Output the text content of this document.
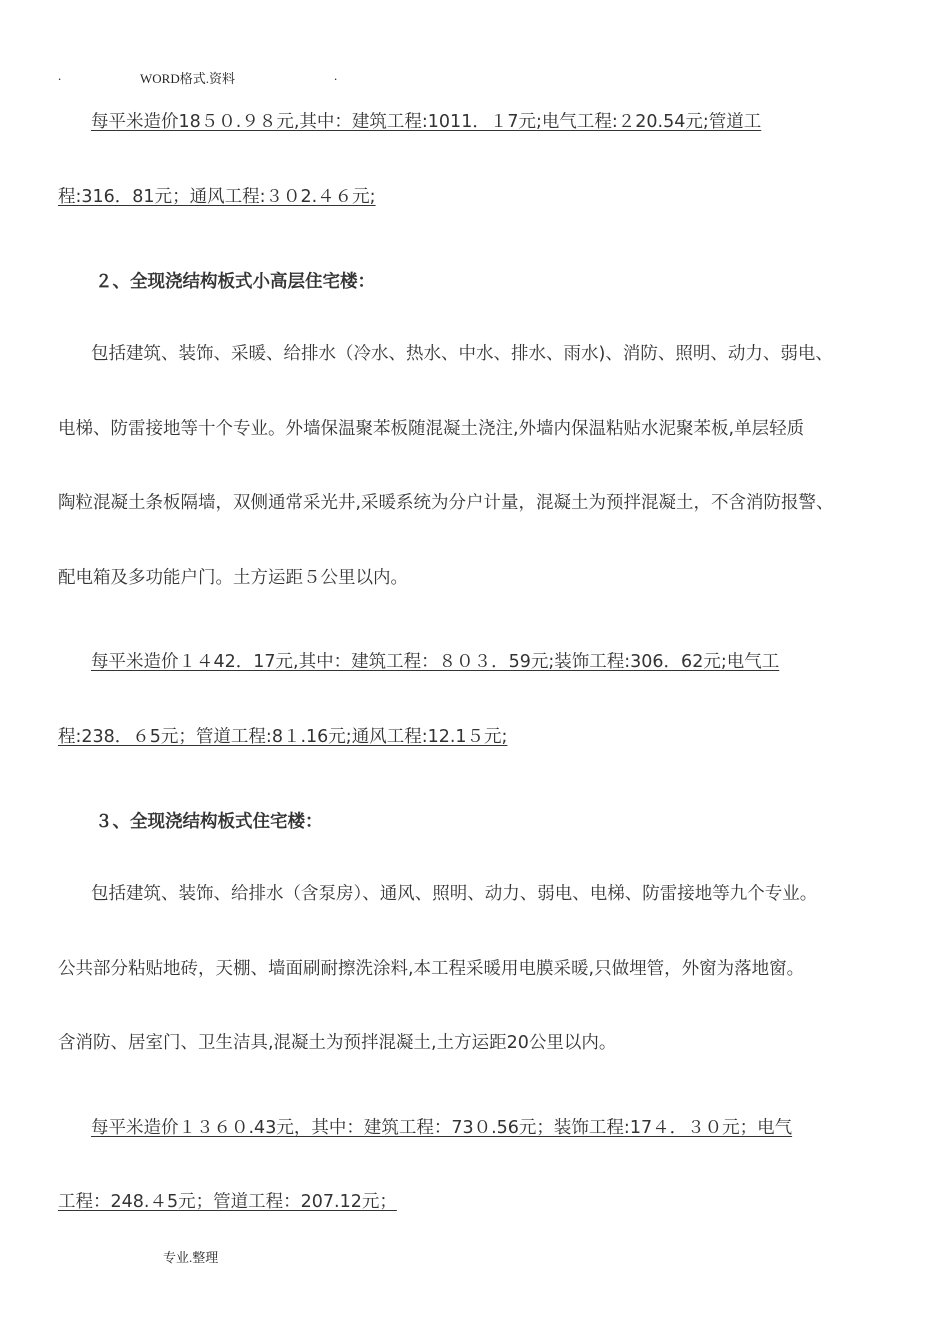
.

	WORD格式.资料

	.

每平米造价18５０.９８元,其中：建筑工程:1011．１7元;电气工程:２20.54元;管道工
程:316．81元；通风工程:３０2.４６元;
２、全现浇结构板式小高层住宅楼：
包括建筑、装饰、采暖、给排水（冷水、热水、中水、排水、雨水)、消防、照明、动力、弱电、
电梯、防雷接地等十个专业。外墙保温聚苯板随混凝土浇注,外墙内保温粘贴水泥聚苯板,单层轻质
陶粒混凝土条板隔墙，双侧通常采光井,采暖系统为分户计量，混凝土为预拌混凝土，不含消防报警、
配电箱及多功能户门。土方运距５公里以内。
每平米造价１４42．17元,其中：建筑工程：８０３．59元;装饰工程:306．62元;电气工
程:238．６5元；管道工程:8１.16元;通风工程:12.1５元;
３、全现浇结构板式住宅楼：
包括建筑、装饰、给排水（含泵房）、通风、照明、动力、弱电、电梯、防雷接地等九个专业。
公共部分粘贴地砖，天棚、墙面刷耐擦洗涂料,本工程采暖用电膜采暖,只做埋管，外窗为落地窗。
含消防、居室门、卫生洁具,混凝土为预拌混凝土,土方运距20公里以内。
每平米造价１３６０.43元，其中：建筑工程：73０.56元；装饰工程:17４．３０元；电气
工程：248.４5元；管道工程：207.12元；
专业.整理
